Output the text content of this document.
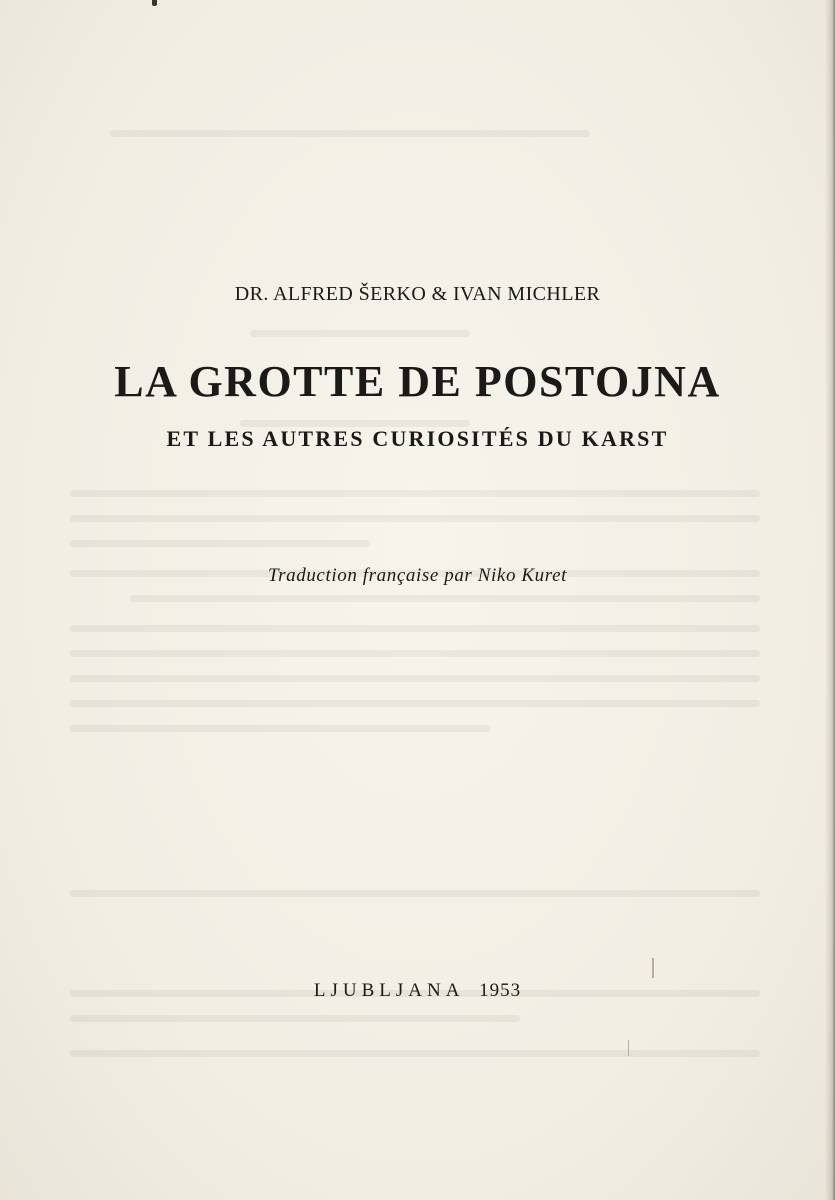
DR. ALFRED ŠERKO & IVAN MICHLER
LA GROTTE DE POSTOJNA
ET LES AUTRES CURIOSITÉS DU KARST
Traduction française par Niko Kuret
LJUBLJANA 1953
